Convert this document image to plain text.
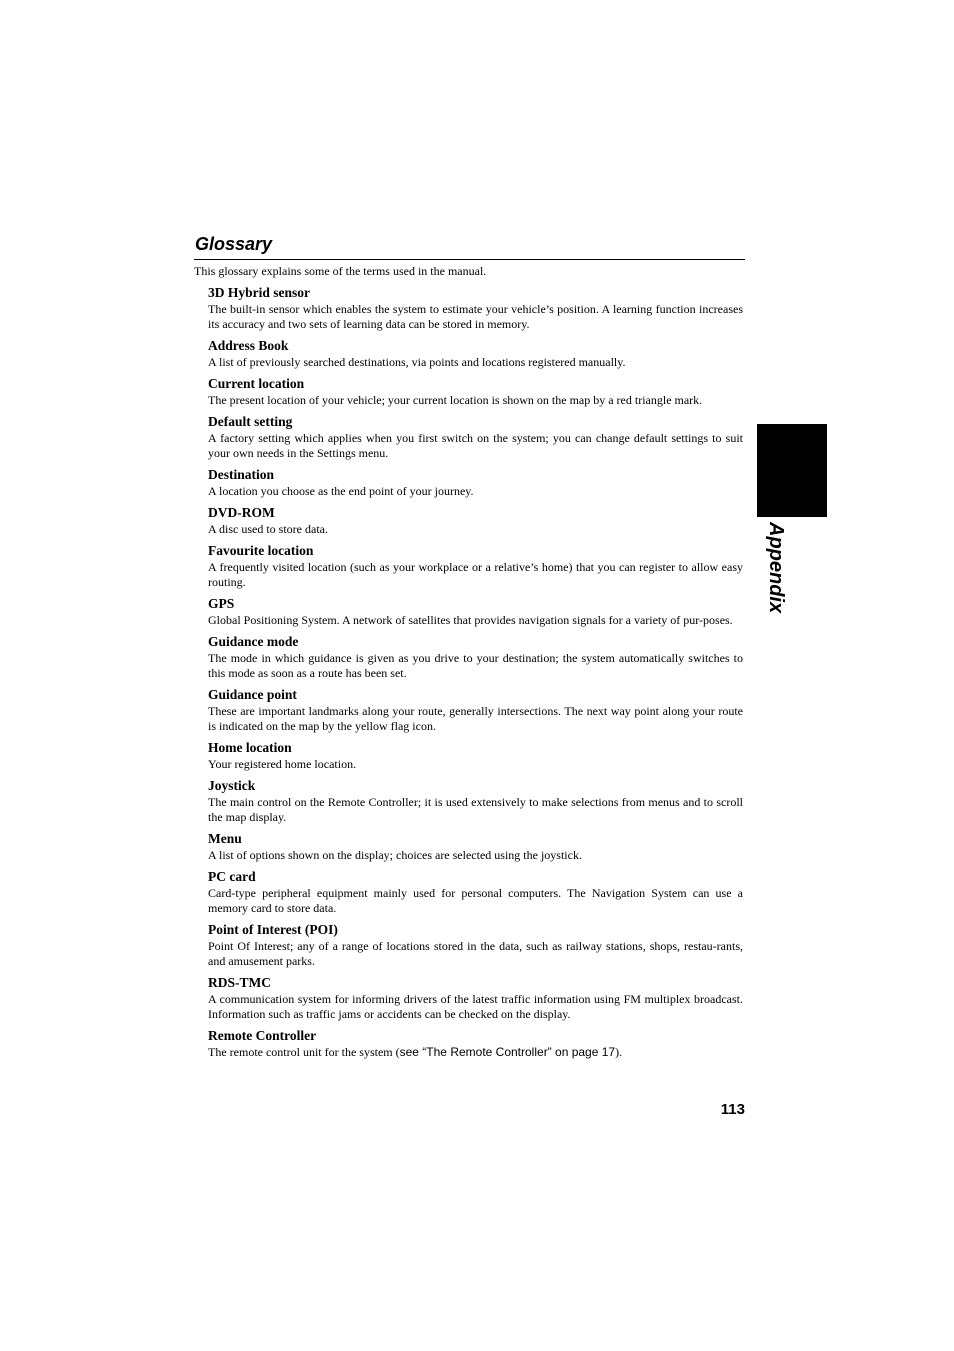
Glossary

This glossary explains some of the terms used in the manual.

3D Hybrid sensor

The built-in sensor which enables the system to estimate your vehicle’s position. A learning function increases its accuracy and two sets of learning data can be stored in memory.

Address Book

A list of previously searched destinations, via points and locations registered manually.

Current location

The present location of your vehicle; your current location is shown on the map by a red triangle mark.

Default setting

A factory setting which applies when you first switch on the system; you can change default settings to suit your own needs in the Settings menu.

Destination

A location you choose as the end point of your journey.

DVD-ROM

A disc used to store data.

Favourite location

A frequently visited location (such as your workplace or a relative’s home) that you can register to allow easy routing.

GPS

Global Positioning System. A network of satellites that provides navigation signals for a variety of pur-poses.

Guidance mode

The mode in which guidance is given as you drive to your destination; the system automatically switches to this mode as soon as a route has been set.

Guidance point

These are important landmarks along your route, generally intersections. The next way point along your route is indicated on the map by the yellow flag icon.

Home location

Your registered home location.

Joystick

The main control on the Remote Controller; it is used extensively to make selections from menus and to scroll the map display.

Menu

A list of options shown on the display; choices are selected using the joystick.

PC card

Card-type peripheral equipment mainly used for personal computers. The Navigation System can use a memory card to store data.

Point of Interest (POI)

Point Of Interest; any of a range of locations stored in the data, such as railway stations, shops, restau-rants, and amusement parks.

RDS-TMC

A communication system for informing drivers of the latest traffic information using FM multiplex broadcast. Information such as traffic jams or accidents can be checked on the display.

Remote Controller

The remote control unit for the system (see “The Remote Controller” on page 17).

113
Appendix
